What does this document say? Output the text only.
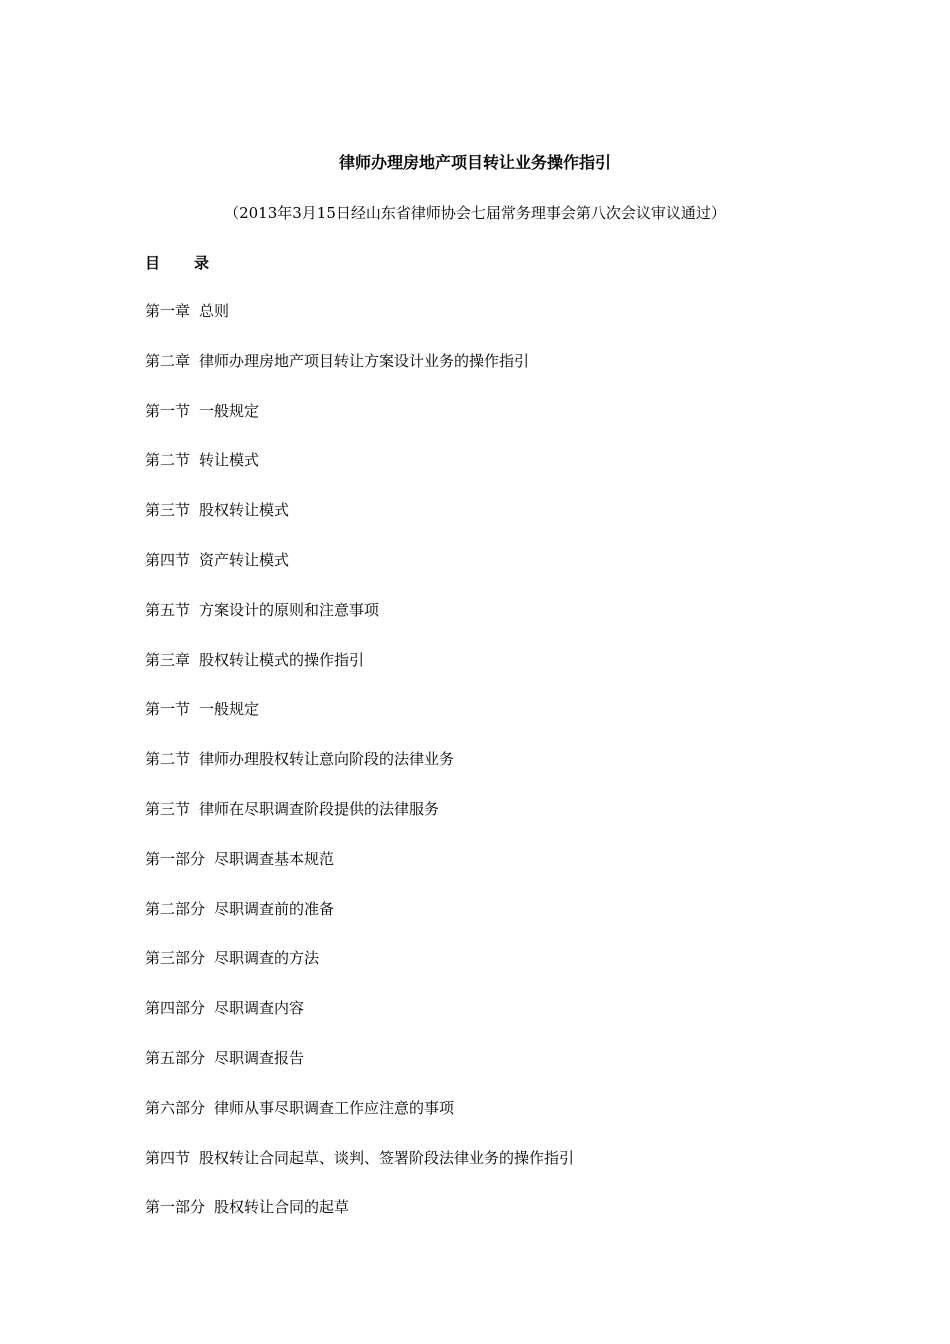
律师办理房地产项目转让业务操作指引

（2013年3月15日经山东省律师协会七届常务理事会第八次会议审议通过）

目 录
第一章 总则
第二章 律师办理房地产项目转让方案设计业务的操作指引
第一节 一般规定
第二节 转让模式
第三节 股权转让模式
第四节 资产转让模式
第五节 方案设计的原则和注意事项
第三章 股权转让模式的操作指引
第一节 一般规定
第二节 律师办理股权转让意向阶段的法律业务
第三节 律师在尽职调查阶段提供的法律服务
第一部分 尽职调查基本规范
第二部分 尽职调查前的准备
第三部分 尽职调查的方法
第四部分 尽职调查内容
第五部分 尽职调查报告
第六部分 律师从事尽职调查工作应注意的事项
第四节 股权转让合同起草、谈判、签署阶段法律业务的操作指引
第一部分 股权转让合同的起草
